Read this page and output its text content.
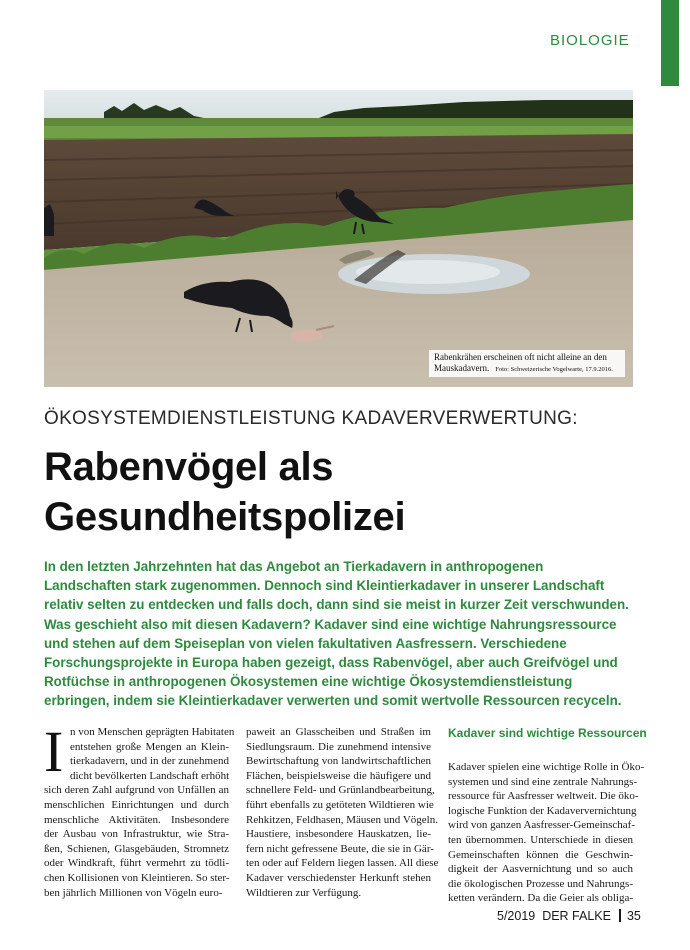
BIOLOGIE
Rabenkrähen erscheinen oft nicht alleine an den Mauskadavern. Foto: Schweizerische Vogelwarte, 17.9.2016.
ÖKOSYSTEMDIENSTLEISTUNG KADAVERVERWERTUNG:
Rabenvögel als
Gesundheitspolizei

In den letzten Jahrzehnten hat das Angebot an Tierkadavern in anthropogenen Landschaften stark zugenommen. Dennoch sind Kleintierkadaver in unserer Landschaft relativ selten zu entdecken und falls doch, dann sind sie meist in kurzer Zeit verschwunden. Was geschieht also mit diesen Kadavern? Kadaver sind eine wichtige Nahrungsressource und stehen auf dem Speiseplan von vielen fakultativen Aasfressern. Verschiedene Forschungsprojekte in Europa haben gezeigt, dass Rabenvögel, aber auch Greifvögel und Rotfüchse in anthropogenen Ökosystemen eine wichtige Ökosystemdienstleistung erbringen, indem sie Kleintierkadaver verwerten und somit wertvolle Ressourcen recyceln.

I n von Menschen geprägten Habitaten
entstehen große Mengen an Klein-
tierkadavern, und in der zunehmend
dicht bevölkerten Landschaft erhöht
sich deren Zahl aufgrund von Unfällen an
menschlichen Einrichtungen und durch
menschliche Aktivitäten. Insbesondere
der Ausbau von Infrastruktur, wie Stra-
ßen, Schienen, Glasgebäuden, Stromnetz
oder Windkraft, führt vermehrt zu tödli-
chen Kollisionen von Kleintieren. So ster-
ben jährlich Millionen von Vögeln euro-
paweit an Glasscheiben und Straßen im
Siedlungsraum. Die zunehmend intensive
Bewirtschaftung von landwirtschaftlichen
Flächen, beispielsweise die häufigere und
schnellere Feld- und Grünlandbearbeitung,
führt ebenfalls zu getöteten Wildtieren wie
Rehkitzen, Feldhasen, Mäusen und Vögeln.
Haustiere, insbesondere Hauskatzen, lie-
fern nicht gefressene Beute, die sie in Gär-
ten oder auf Feldern liegen lassen. All diese
Kadaver verschiedenster Herkunft stehen
Wildtieren zur Verfügung.
Kadaver sind wichtige Ressourcen
Kadaver spielen eine wichtige Rolle in Öko-
systemen und sind eine zentrale Nahrungs-
ressource für Aasfresser weltweit. Die öko-
logische Funktion der Kadaververnichtung
wird von ganzen Aasfresser-Gemeinschaf-
ten übernommen. Unterschiede in diesen
Gemeinschaften können die Geschwin-
digkeit der Aasvernichtung und so auch
die ökologischen Prozesse und Nahrungs-
ketten verändern. Da die Geier als obliga-
5/2019 DER FALKE 35
